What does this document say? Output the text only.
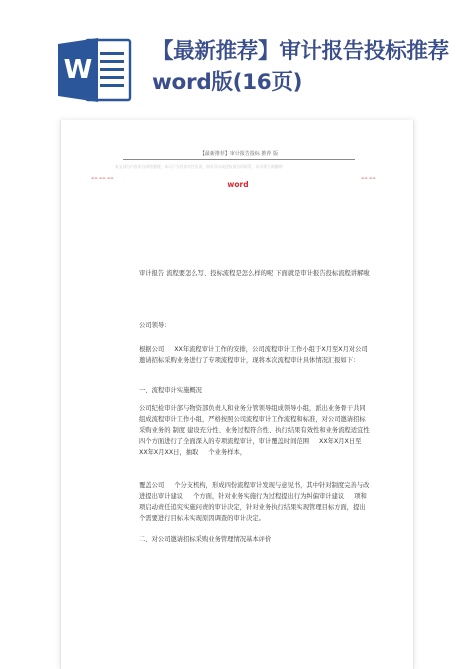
W
【最新推荐】审计报告投标推荐word版(16页)
【最新推荐】审计报告投标 推荐 版
本文部分内容来自网络整理，本司不为其真实性负责，如有异议或侵权请及时联系，本司将立即删除！
== == ==	== ==
word
审计报告 流程要怎么写、投标流程是怎么样的呢 下面就是审计报告投标流程讲解啦
公司领导：
根据公司     XX年流程审计工作的安排，公司流程审计工作小组于X月至X月对公司邀请招标采购业务进行了专项流程审计，现将本次流程审计具体情况汇报如下：
一、流程审计实施概况
公司纪检审计部与物资部负责人和业务分管领导组成领导小组，派出业务骨干共同组成流程审计工作小组，严格按照公司流程审计工作流程和标准，对公司邀请招标采购业务的 制度 建设充分性、业务过程符合性、执行结果有效性和业务流程适宜性四个方面进行了全面深入的专项流程审计，审计覆盖时间范围     XX年X月X日至     XX年X月XX日，抽取     个业务样本，
覆盖公司     个分支机构，形成四份流程审计发现与意见书，其中针对制度完善与改进提出审计建议     个方面，针对业务实施行为过程提出行为纠偏审计建议     项和     项启动责任追究实施问责的审计决定，针对业务执行结果实现管理目标方面，提出     个需要进行目标未实现原因调查的审计决定。
二、对公司邀请招标采购业务管理情况基本评价
